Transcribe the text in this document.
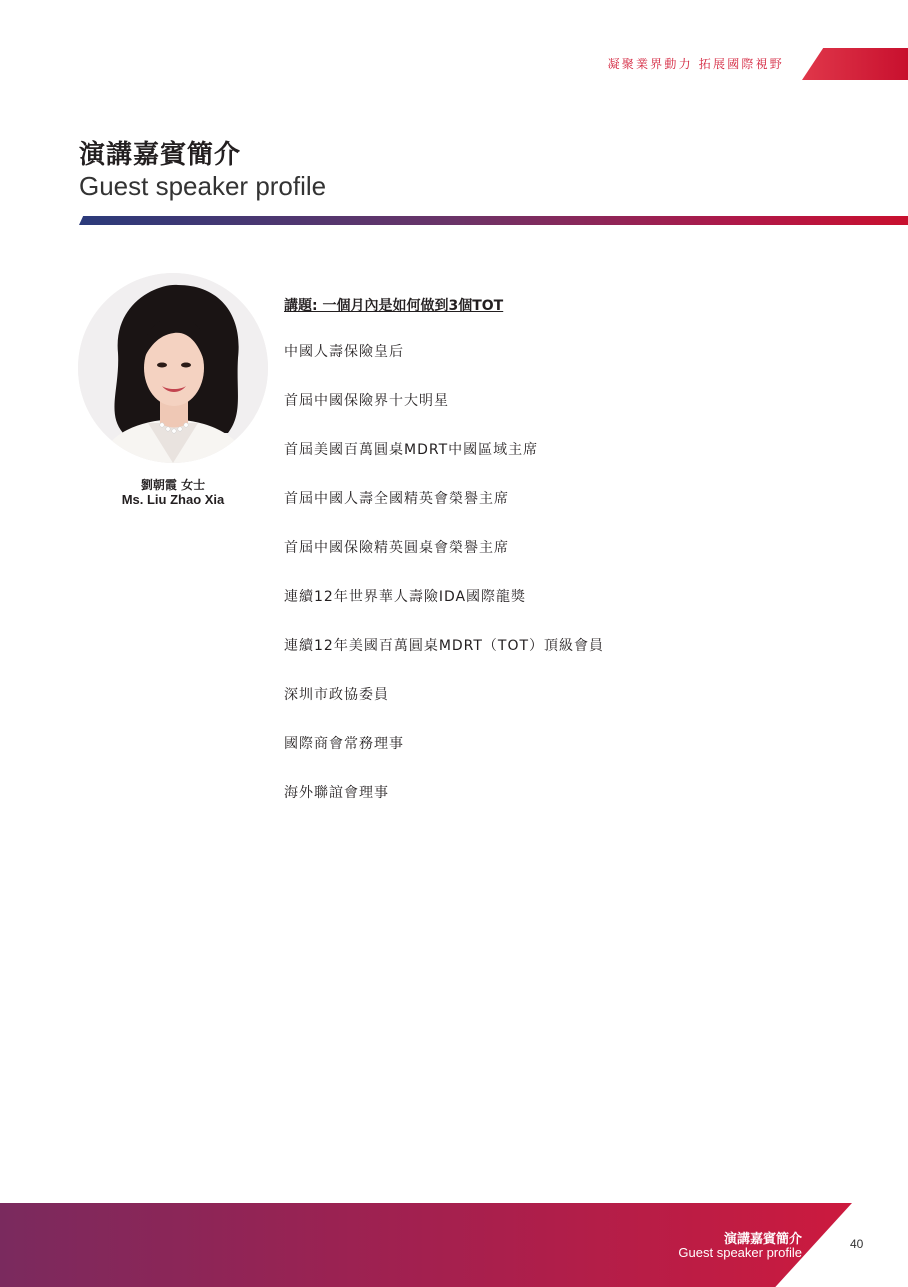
凝聚業界動力 拓展國際視野
演講嘉賓簡介
Guest speaker profile
劉朝霞 女士
Ms. Liu Zhao Xia
講題: 一個月內是如何做到3個TOT
中國人壽保險皇后
首屆中國保險界十大明星
首屆美國百萬圓桌MDRT中國區域主席
首屆中國人壽全國精英會榮譽主席
首屆中國保險精英圓桌會榮譽主席
連續12年世界華人壽險IDA國際龍獎
連續12年美國百萬圓桌MDRT（TOT）頂級會員
深圳市政協委員
國際商會常務理事
海外聯誼會理事
演講嘉賓簡介
Guest speaker profile
40
